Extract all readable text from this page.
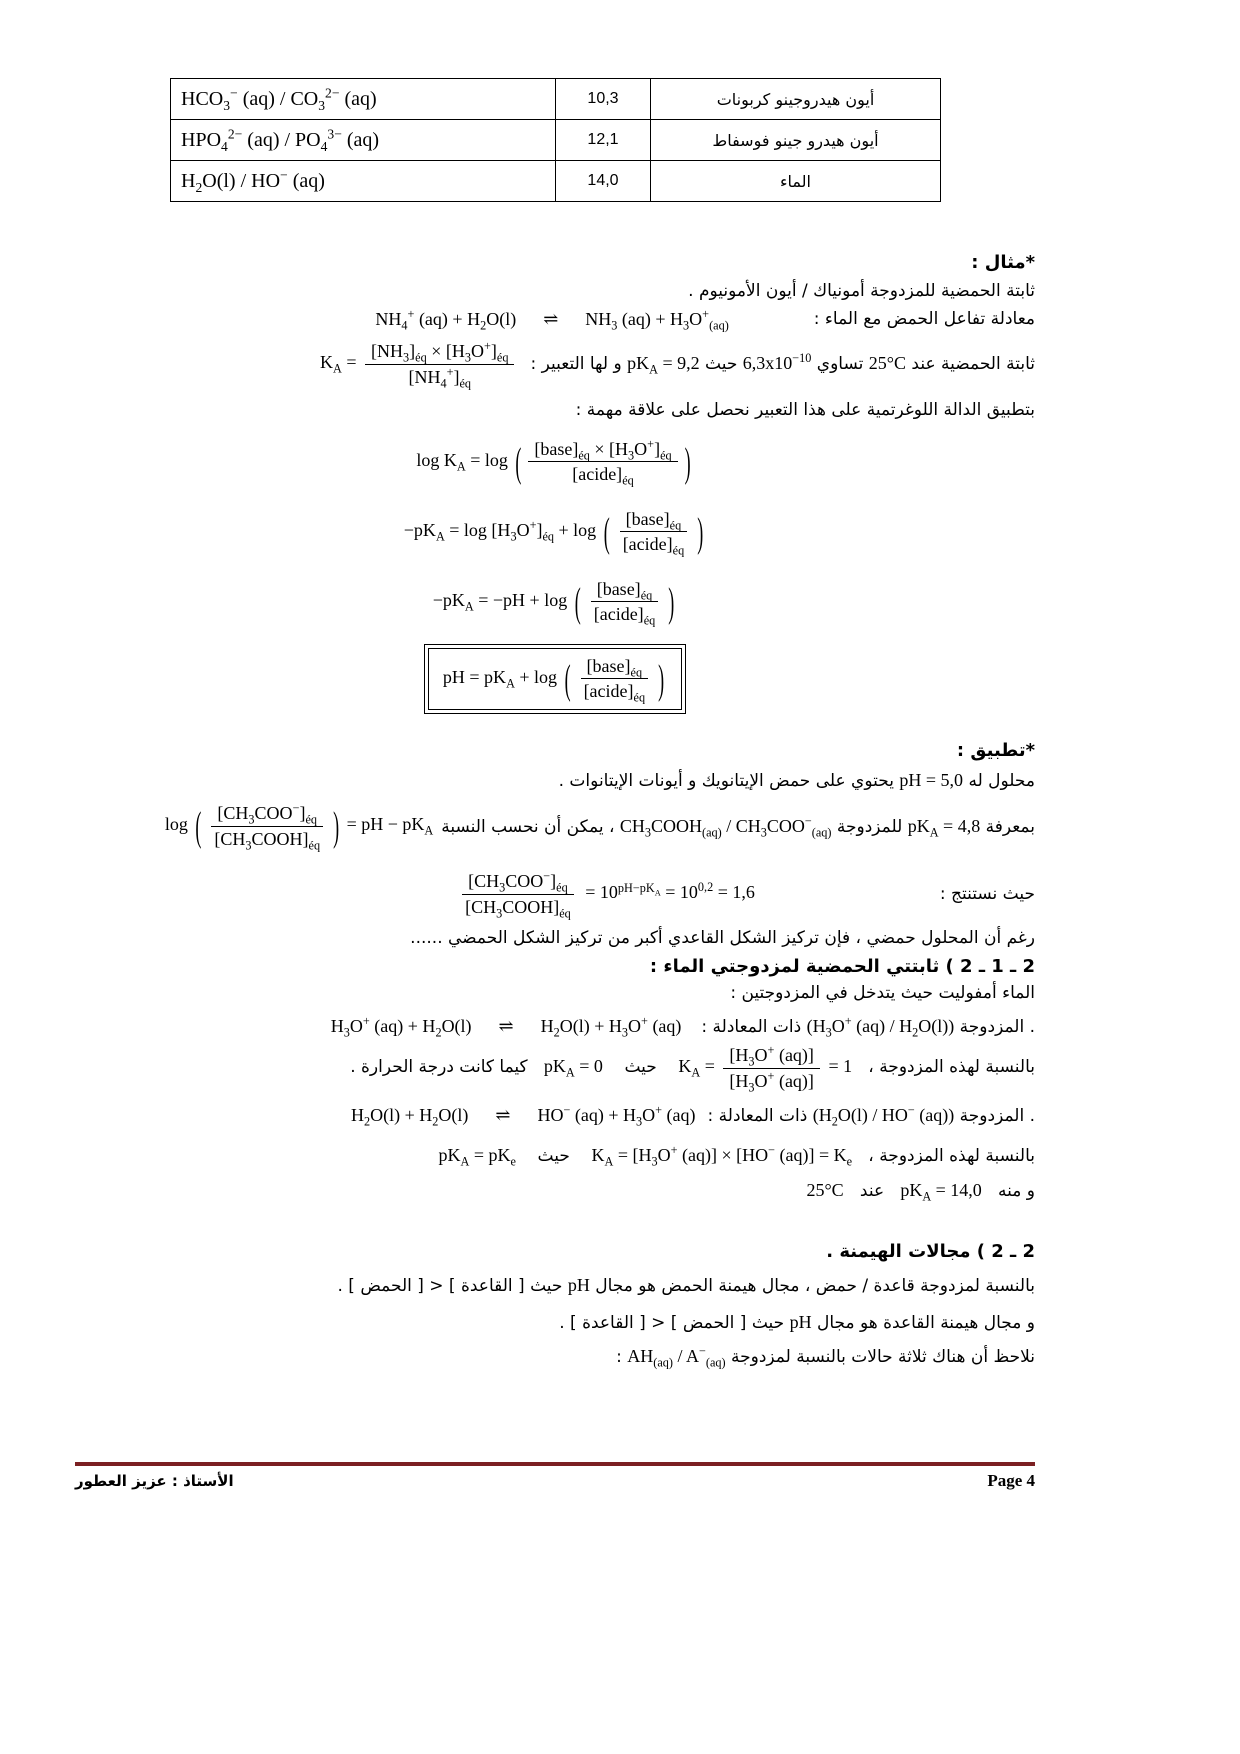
$HCO_3^-$ $(aq) / CO_3^{2-}$ (aq)	10,3	أيون هيدروجينو كربونات
$HPO_4^{2-}$ $(aq) / PO_4^{3-}$ (aq)	12,1	أيون هيدرو جينو فوسفاط
$H_2O(l) / HO^-$ (aq)	14,0	الماء
*مثال :
ثابتة الحمضية للمزدوجة أمونياك / أيون الأمونيوم .
معادلة تفاعل الحمض مع الماء :
$NH_4^+$ $(aq) + H_2O(l)$      ⇌      $NH_3$ $(aq) + H_3O^+_{(aq)}$
ثابتة الحمضية عند 25°C تساوي $6,3x10^{-10}$ حيث $pK_A = 9,2$ و لها التعبير :
$K_A = \frac{[NH_3]_{éq} \times [H_3O^+]_{éq}}{[NH_4^+]_{éq}}$
بتطبيق الدالة اللوغرتمية على هذا التعبير نحصل على علاقة مهمة :
$\log K_A = \log$ ( $\frac{[base]_{éq} \times [H_3O^+]_{éq}}{[acide]_{éq}}$ )
$-pK_A = \log [H_3O^+]_{éq} + \log$ ( $\frac{[base]_{éq}}{[acide]_{éq}}$ )
$-pK_A = -pH + \log$ ( $\frac{[base]_{éq}}{[acide]_{éq}}$ )
pH = $pK_A + \log$ ( $\frac{[base]_{éq}}{[acide]_{éq}}$ )
*تطبيق :
محلول له pH = 5,0 يحتوي على حمض الإيتانويك و أيونات الإيتانوات .
بمعرفة $pK_A = 4,8$ للمزدوجة $CH_3COOH_{(aq)} / CH_3COO^-_{(aq)}$ ، يمكن أن نحسب النسبة
log ( $\frac{[CH_3COO^-]_{éq}}{[CH_3COOH]_{éq}}$ ) = pH − $pK_A$
حيث نستنتج :
$\frac{[CH_3COO^-]_{éq}}{[CH_3COOH]_{éq}} = 10^{pH-pK_A} = 10^{0,2} = 1,6$
رغم أن المحلول حمضي ، فإن تركيز الشكل القاعدي أكبر من تركيز الشكل الحمضي ......
2 ـ 1 ـ 2 ) ثابتتي الحمضية لمزدوجتي الماء :
الماء أمفوليت حيث يتدخل في المزدوجتين :
. المزدوجة ($H_3O^+$ $(aq) / H_2O(l)$) ذات المعادلة :
$H_3O^+$ $(aq) + H_2O(l)$      ⇌      $H_2O(l) + H_3O^+$ (aq)
بالنسبة لهذه المزدوجة ،   $K_A = \frac{[H_3O^+ (aq)]}{[H_3O^+ (aq)]} = 1$    حيث    $pK_A = 0$   كيما كانت درجة الحرارة .
. المزدوجة ($H_2O(l) / HO^-$ (aq)) ذات المعادلة :
$H_2O(l) + H_2O(l)$      ⇌      HO− $(aq) + H_3O^+$ (aq)
بالنسبة لهذه المزدوجة ،   $K_A = [H_3O^+$ (aq)] × [HO− $(aq)] = K_e$    حيث    $pK_A = pK_e$
و منه   $pK_A = 14,0$   عند   25°C
2 ـ 2 ) مجالات الهيمنة .
بالنسبة لمزدوجة قاعدة / حمض ، مجال هيمنة الحمض هو مجال pH حيث [ القاعدة ] < [ الحمض ] .
و مجال هيمنة القاعدة هو مجال pH حيث [ الحمض ] < [ القاعدة ] .
نلاحظ أن هناك ثلاثة حالات بالنسبة لمزدوجة $AH_{(aq)} / A^-_{(aq)}$ :
الأستاذ : عزيز العطور	Page 4
